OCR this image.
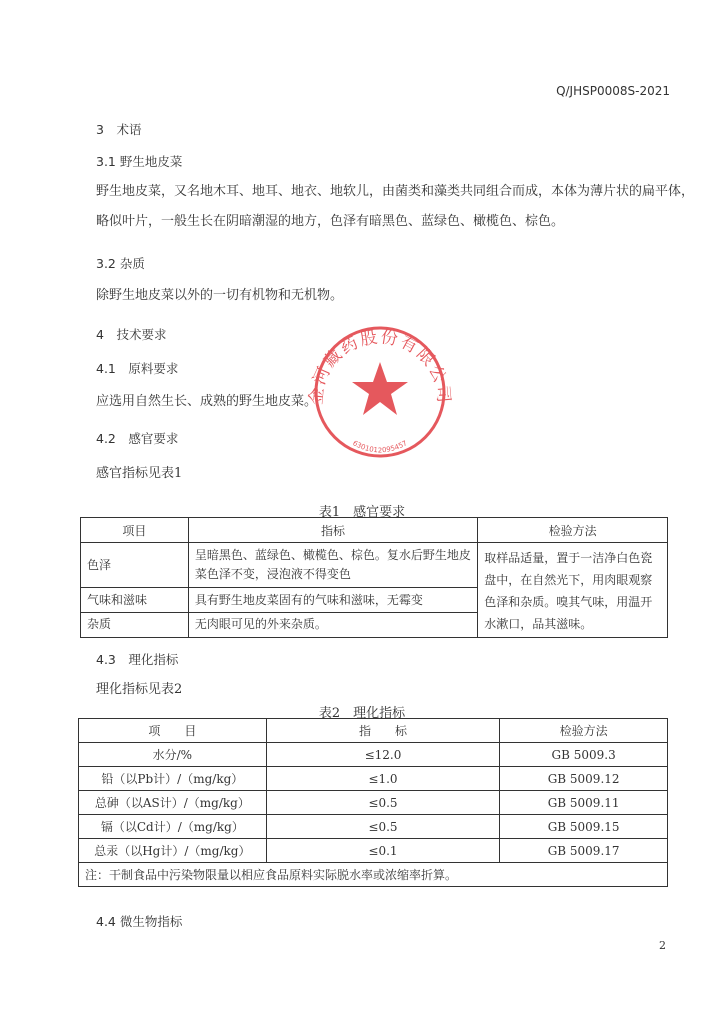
Q/JHSP0008S-2021
3　术语
3.1 野生地皮菜
野生地皮菜，又名地木耳、地耳、地衣、地软儿，由菌类和藻类共同组合而成，本体为薄片状的扁平体，
略似叶片，一般生长在阴暗潮湿的地方，色泽有暗黑色、蓝绿色、橄榄色、棕色。
3.2 杂质
除野生地皮菜以外的一切有机物和无机物。
4　技术要求
4.1　原料要求
应选用自然生长、成熟的野生地皮菜。
4.2　感官要求
感官指标见表1
表1　感官要求
项目	指标	检验方法
色泽	呈暗黑色、蓝绿色、橄榄色、棕色。复水后野生地皮菜色泽不变，浸泡液不得变色	取样品适量，置于一洁净白色瓷盘中，在自然光下，用肉眼观察色泽和杂质。嗅其气味，用温开水漱口，品其滋味。
气味和滋味	具有野生地皮菜固有的气味和滋味，无霉变	
杂质	无肉眼可见的外来杂质。	
4.3　理化指标
理化指标见表2
表2　理化指标
项　　目	指　　标	检验方法
水分/%	≤12.0	GB 5009.3
铅（以Pb计）/（mg/kg）	≤1.0	GB 5009.12
总砷（以AS计）/（mg/kg）	≤0.5	GB 5009.11
镉（以Cd计）/（mg/kg）	≤0.5	GB 5009.15
总汞（以Hg计）/（mg/kg）	≤0.1	GB 5009.17
注：干制食品中污染物限量以相应食品原料实际脱水率或浓缩率折算。		
4.4 微生物指标
2
金河藏药股份有限公司
6301012095457
